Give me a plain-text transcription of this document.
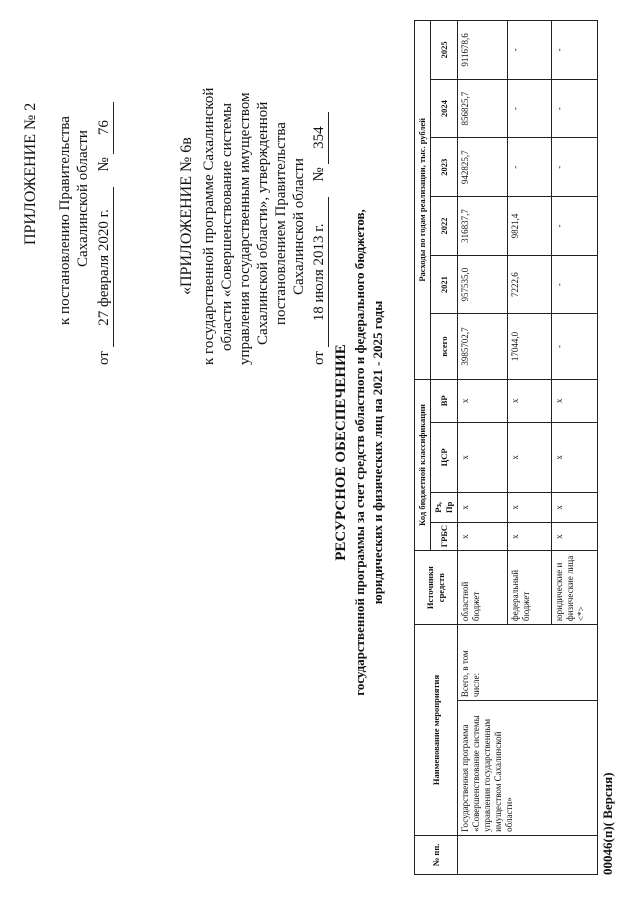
ПРИЛОЖЕНИЕ № 2 к постановлению Правительства Сахалинской области
от 27 февраля 2020 г. № 76
«ПРИЛОЖЕНИЕ № 6в к государственной программе Сахалинской области «Совершенствование системы управления государственным имуществом Сахалинской области», утвержденной постановлением Правительства Сахалинской области
от 18 июля 2013 г. № 354
РЕСУРСНОЕ ОБЕСПЕЧЕНИЕ государственной программы за счет средств областного и федерального бюджетов, юридических и физических лиц на 2021 - 2025 годы
№ пп.	Наименование мероприятия		Источники средств	Код бюджетной классификации				Расходы по годам реализации, тыс. рублей					
				ГРБС	Рз, Пр	ЦСР	ВР	всего	2021	2022	2023	2024	2025
	Государственная программа «Совершенствование системы управления государственным имуществом Сахалинской области»	Всего, в том числе:	областной бюджет	х	х	х	х	3985702,7	957535,0	316837,7	942825,7	856825,7	911678,6
			федеральный бюджет	х	х	х	х	17044,0	7222,6	9821,4	-	-	-
			юридические и физические лица <*>	х	х	х	х	-	-	-	-	-	-
00046(п)( Версия)
